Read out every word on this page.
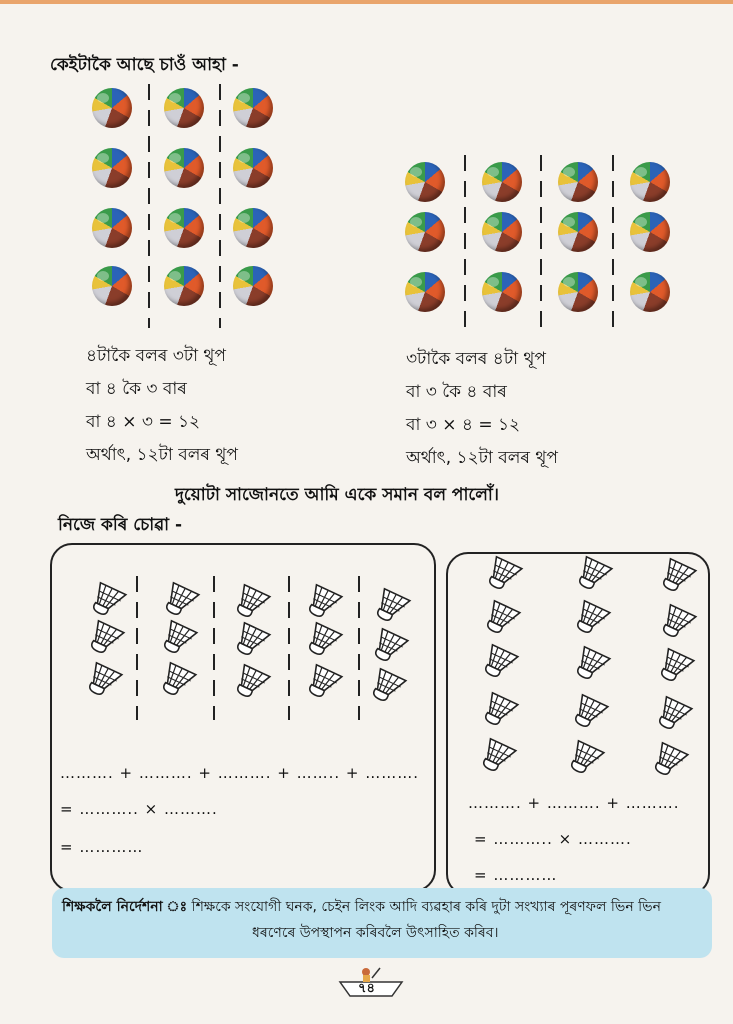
কেইটাকৈ আছে চাওঁ আহা -
৪টাকৈ বলৰ ৩টা থূপ
বা ৪ কৈ ৩ বাৰ
বা ৪ × ৩ = ১২
অৰ্থাৎ, ১২টা বলৰ থূপ
৩টাকৈ বলৰ ৪টা থূপ
বা ৩ কৈ ৪ বাৰ
বা ৩ × ৪ = ১২
অৰ্থাৎ, ১২টা বলৰ থূপ
দুয়োটা সাজোনতে আমি একে সমান বল পালোঁ।
নিজে কৰি চোৱা -
………. + ………. + ………. + …….. + ……….
= ……….. × ……….
= …………
………. + ………. + ……….
= ……….. × ……….
= …………
শিক্ষকলৈ নিৰ্দেশনা ঃ শিক্ষকে সংযোগী ঘনক, চেইন লিংক আদি ব্যৱহাৰ কৰি দুটা সংখ্যাৰ পূৰণফল ভিন ভিন
ধৰণেৰে উপস্থাপন কৰিবলৈ উৎসাহিত কৰিব।
৭৪
